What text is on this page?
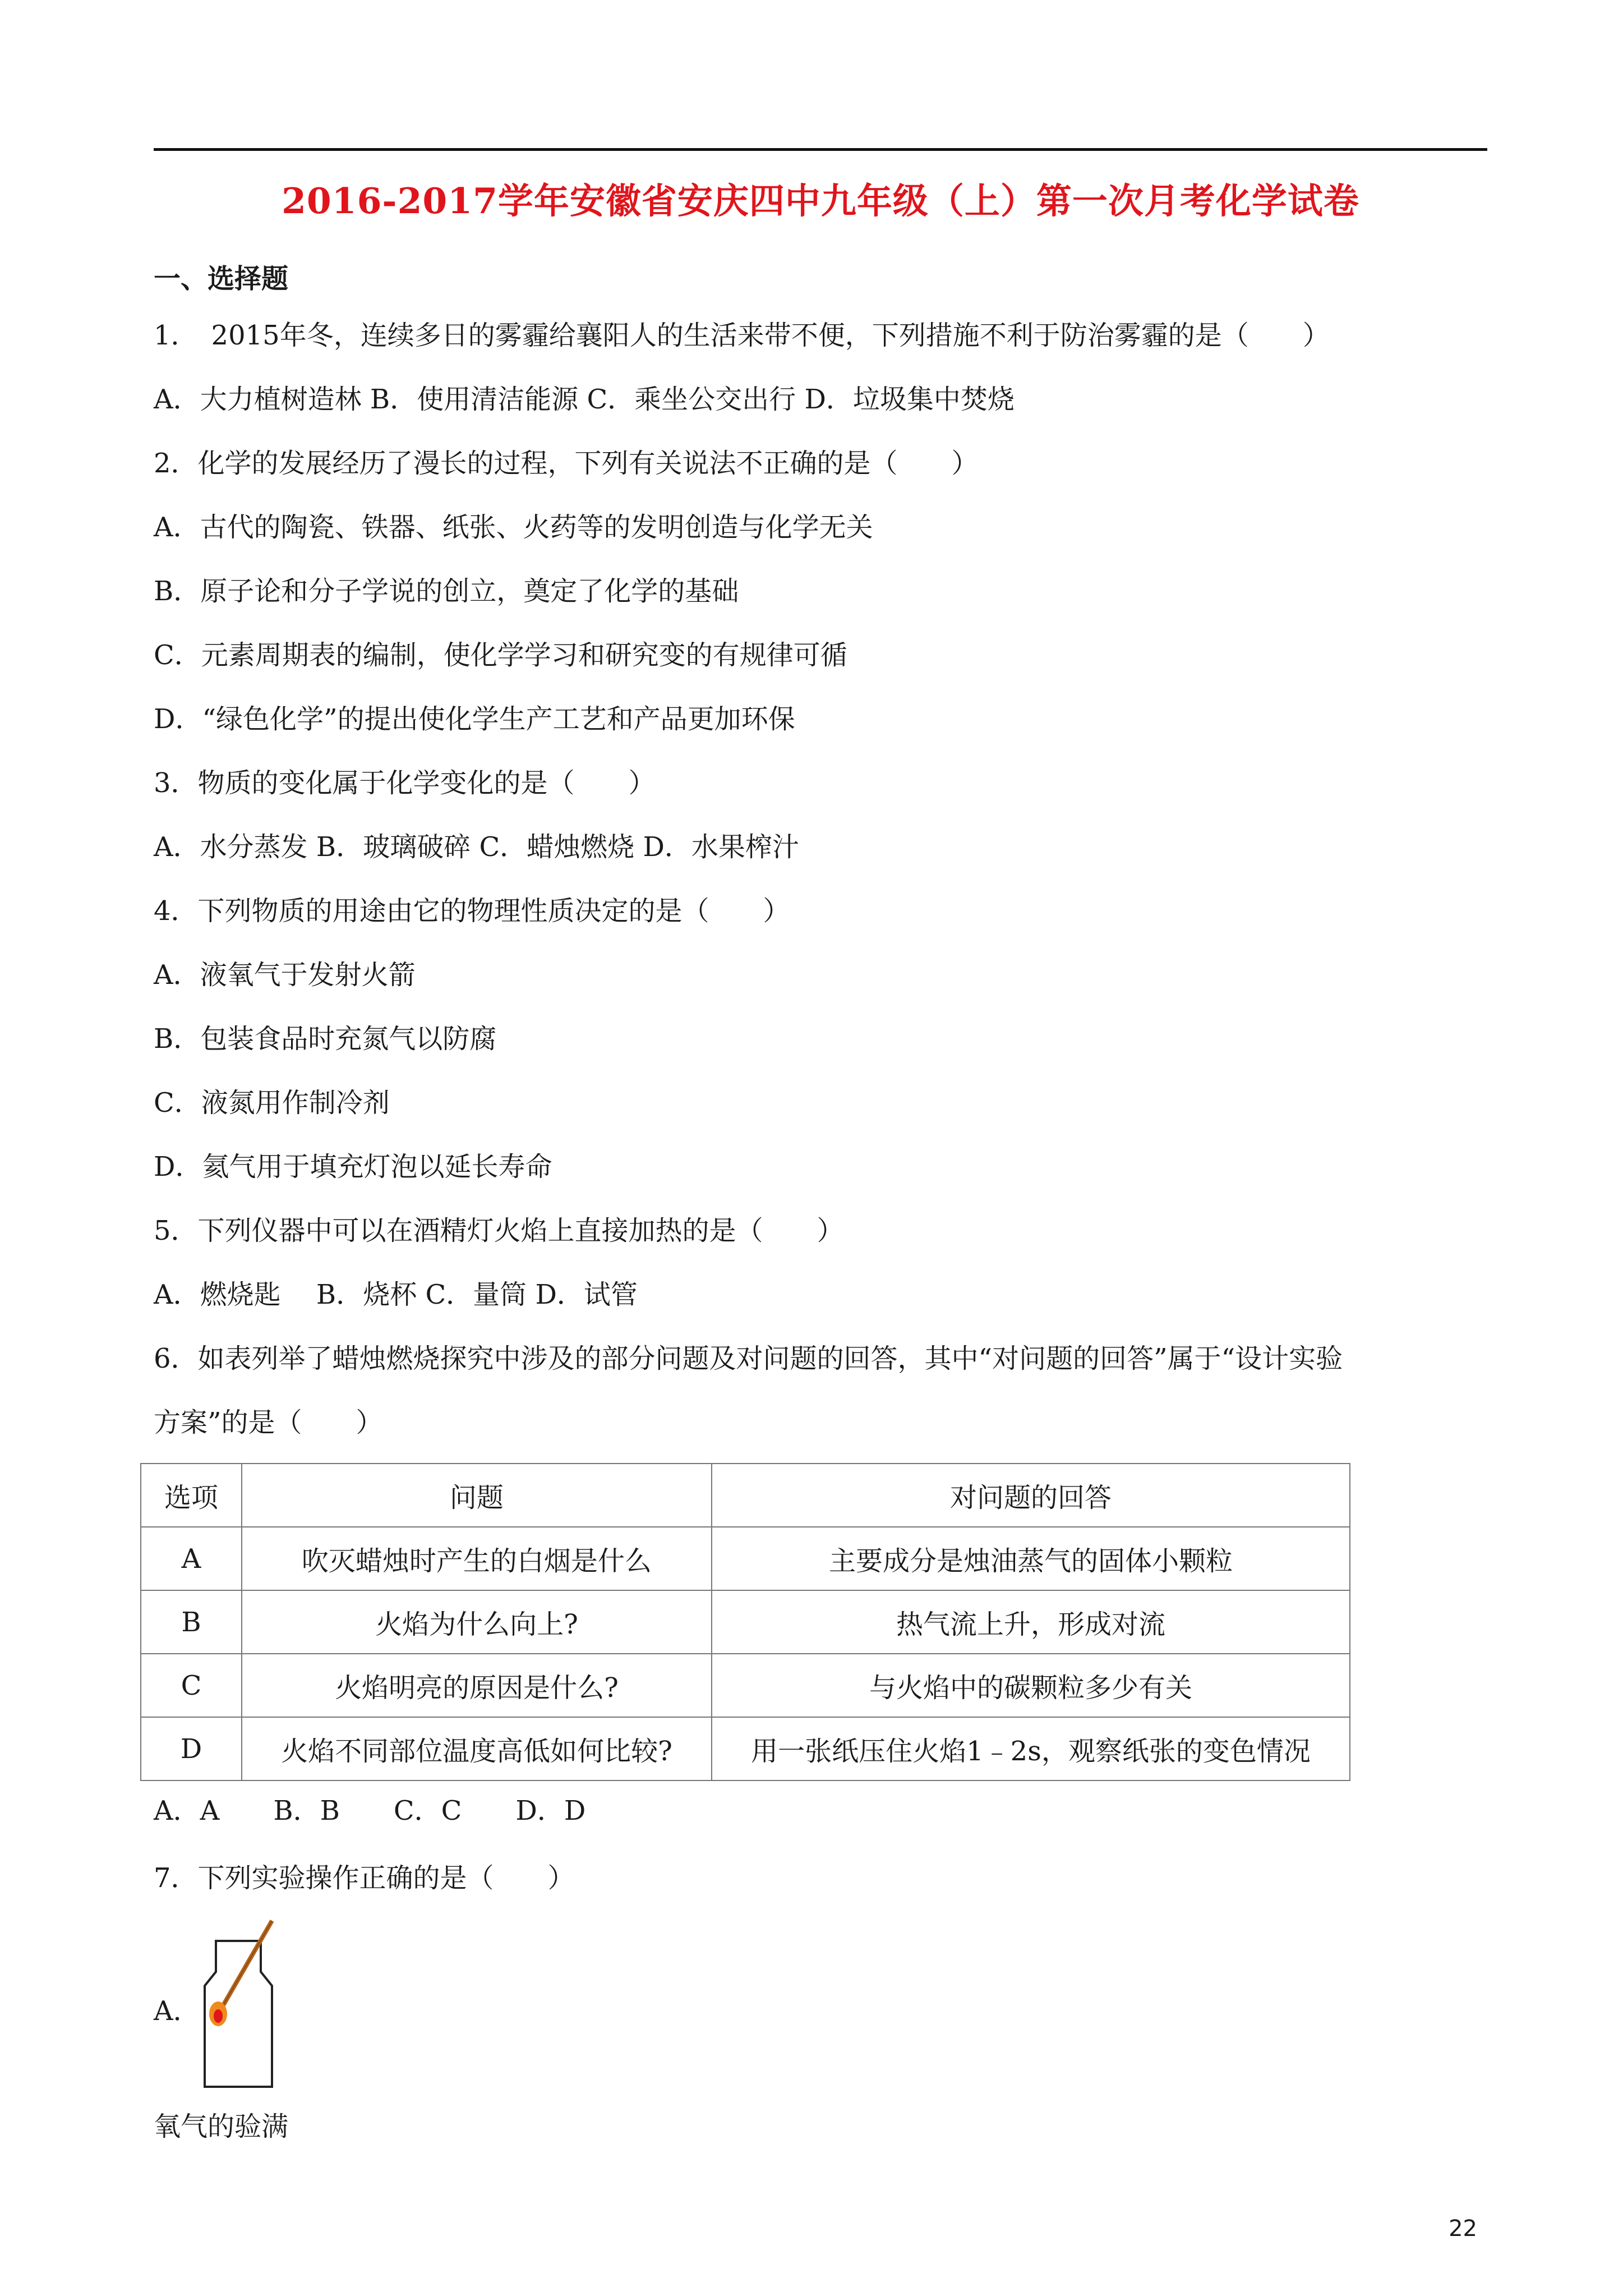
2016-2017学年安徽省安庆四中九年级（上）第一次月考化学试卷
一、选择题
1．　2015年冬，连续多日的雾霾给襄阳人的生活来带不便，下列措施不利于防治雾霾的是（　　）
A．大力植树造林 B．使用清洁能源 C．乘坐公交出行 D．垃圾集中焚烧
2．化学的发展经历了漫长的过程，下列有关说法不正确的是（　　）
A．古代的陶瓷、铁器、纸张、火药等的发明创造与化学无关
B．原子论和分子学说的创立，奠定了化学的基础
C．元素周期表的编制，使化学学习和研究变的有规律可循
D．“绿色化学”的提出使化学生产工艺和产品更加环保
3．物质的变化属于化学变化的是（　　）
A．水分蒸发 B．玻璃破碎 C．蜡烛燃烧 D．水果榨汁
4．下列物质的用途由它的物理性质决定的是（　　）
A．液氧气于发射火箭
B．包装食品时充氮气以防腐
C．液氮用作制冷剂
D．氦气用于填充灯泡以延长寿命
5．下列仪器中可以在酒精灯火焰上直接加热的是（　　）
A．燃烧匙　 B．烧杯 C．量筒 D．试管
6．如表列举了蜡烛燃烧探究中涉及的部分问题及对问题的回答，其中“对问题的回答”属于“设计实验
方案”的是（　　）
选项	问题	对问题的回答
A	吹灭蜡烛时产生的白烟是什么	主要成分是烛油蒸气的固体小颗粒
B	火焰为什么向上?	热气流上升，形成对流
C	火焰明亮的原因是什么?	与火焰中的碳颗粒多少有关
D	火焰不同部位温度高低如何比较?	用一张纸压住火焰1﹣2s，观察纸张的变色情况
A．A　　B．B　　C．C　　D．D
7．下列实验操作正确的是（　　）
A．
氧气的验满
22
